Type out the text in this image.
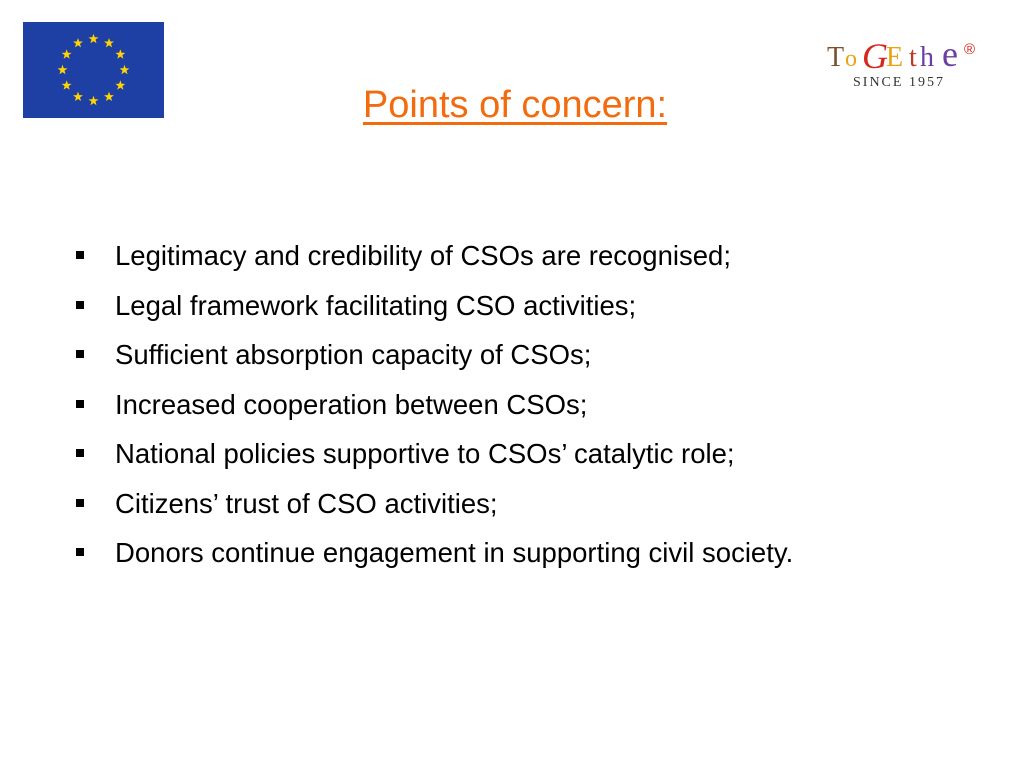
T o G
E t h e ®
SINCE 1957
Points of concern:
Legitimacy and credibility of CSOs are recognised;
Legal framework facilitating CSO activities;
Sufficient absorption capacity of CSOs;
Increased cooperation between CSOs;
National policies supportive to CSOs’ catalytic role;
Citizens’ trust of CSO activities;
Donors continue engagement in supporting civil society.
